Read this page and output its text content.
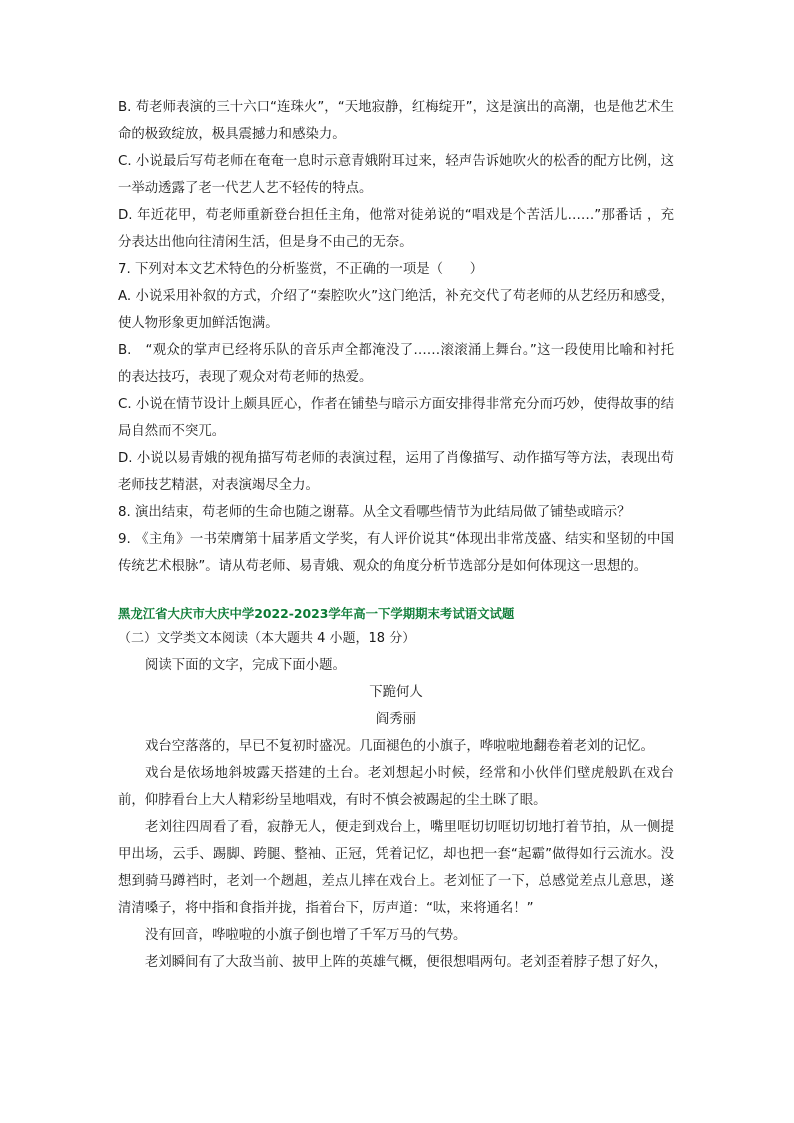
B. 苟老师表演的三十六口“连珠火”，“天地寂静，红梅绽开”，这是演出的高潮，也是他艺术生命的极致绽放，极具震撼力和感染力。

C. 小说最后写苟老师在奄奄一息时示意青娥附耳过来，轻声告诉她吹火的松香的配方比例，这一举动透露了老一代艺人艺不轻传的特点。

D. 年近花甲，苟老师重新登台担任主角，他常对徒弟说的“唱戏是个苦活儿……”那番话 ，充分表达出他向往清闲生活，但是身不由己的无奈。

7. 下列对本文艺术特色的分析鉴赏，不正确的一项是（　　）

A. 小说采用补叙的方式，介绍了“秦腔吹火”这门绝活，补充交代了苟老师的从艺经历和感受，使人物形象更加鲜活饱满。

B.　“观众的掌声已经将乐队的音乐声全都淹没了……滚滚涌上舞台。”这一段使用比喻和衬托的表达技巧，表现了观众对苟老师的热爱。

C. 小说在情节设计上颇具匠心，作者在铺垫与暗示方面安排得非常充分而巧妙，使得故事的结局自然而不突兀。

D. 小说以易青娥的视角描写苟老师的表演过程，运用了肖像描写、动作描写等方法，表现出苟老师技艺精湛，对表演竭尽全力。

8. 演出结束，苟老师的生命也随之谢幕。从全文看哪些情节为此结局做了铺垫或暗示？

9. 《主角》一书荣膺第十届茅盾文学奖，有人评价说其“体现出非常茂盛、结实和坚韧的中国传统艺术根脉”。请从苟老师、易青娥、观众的角度分析节选部分是如何体现这一思想的。

黑龙江省大庆市大庆中学2022-2023学年高一下学期期末考试语文试题

（二）文学类文本阅读（本大题共 4 小题，18 分）

阅读下面的文字，完成下面小题。

下跪何人

阎秀丽

戏台空落落的，早已不复初时盛况。几面褪色的小旗子，哗啦啦地翻卷着老刘的记忆。

戏台是依场地斜坡露天搭建的土台。老刘想起小时候，经常和小伙伴们壁虎般趴在戏台前，仰脖看台上大人精彩纷呈地唱戏，有时不慎会被踢起的尘土眯了眼。

老刘往四周看了看，寂静无人，便走到戏台上，嘴里哐切切哐切切地打着节拍，从一侧提甲出场，云手、踢脚、跨腿、整袖、正冠，凭着记忆，却也把一套“起霸”做得如行云流水。没想到骑马蹲裆时，老刘一个趔趄，差点儿摔在戏台上。老刘怔了一下，总感觉差点儿意思，遂清清嗓子，将中指和食指并拢，指着台下，厉声道：“呔，来将通名！”

没有回音，哗啦啦的小旗子倒也增了千军万马的气势。

老刘瞬间有了大敌当前、披甲上阵的英雄气概，便很想唱两句。老刘歪着脖子想了好久，
